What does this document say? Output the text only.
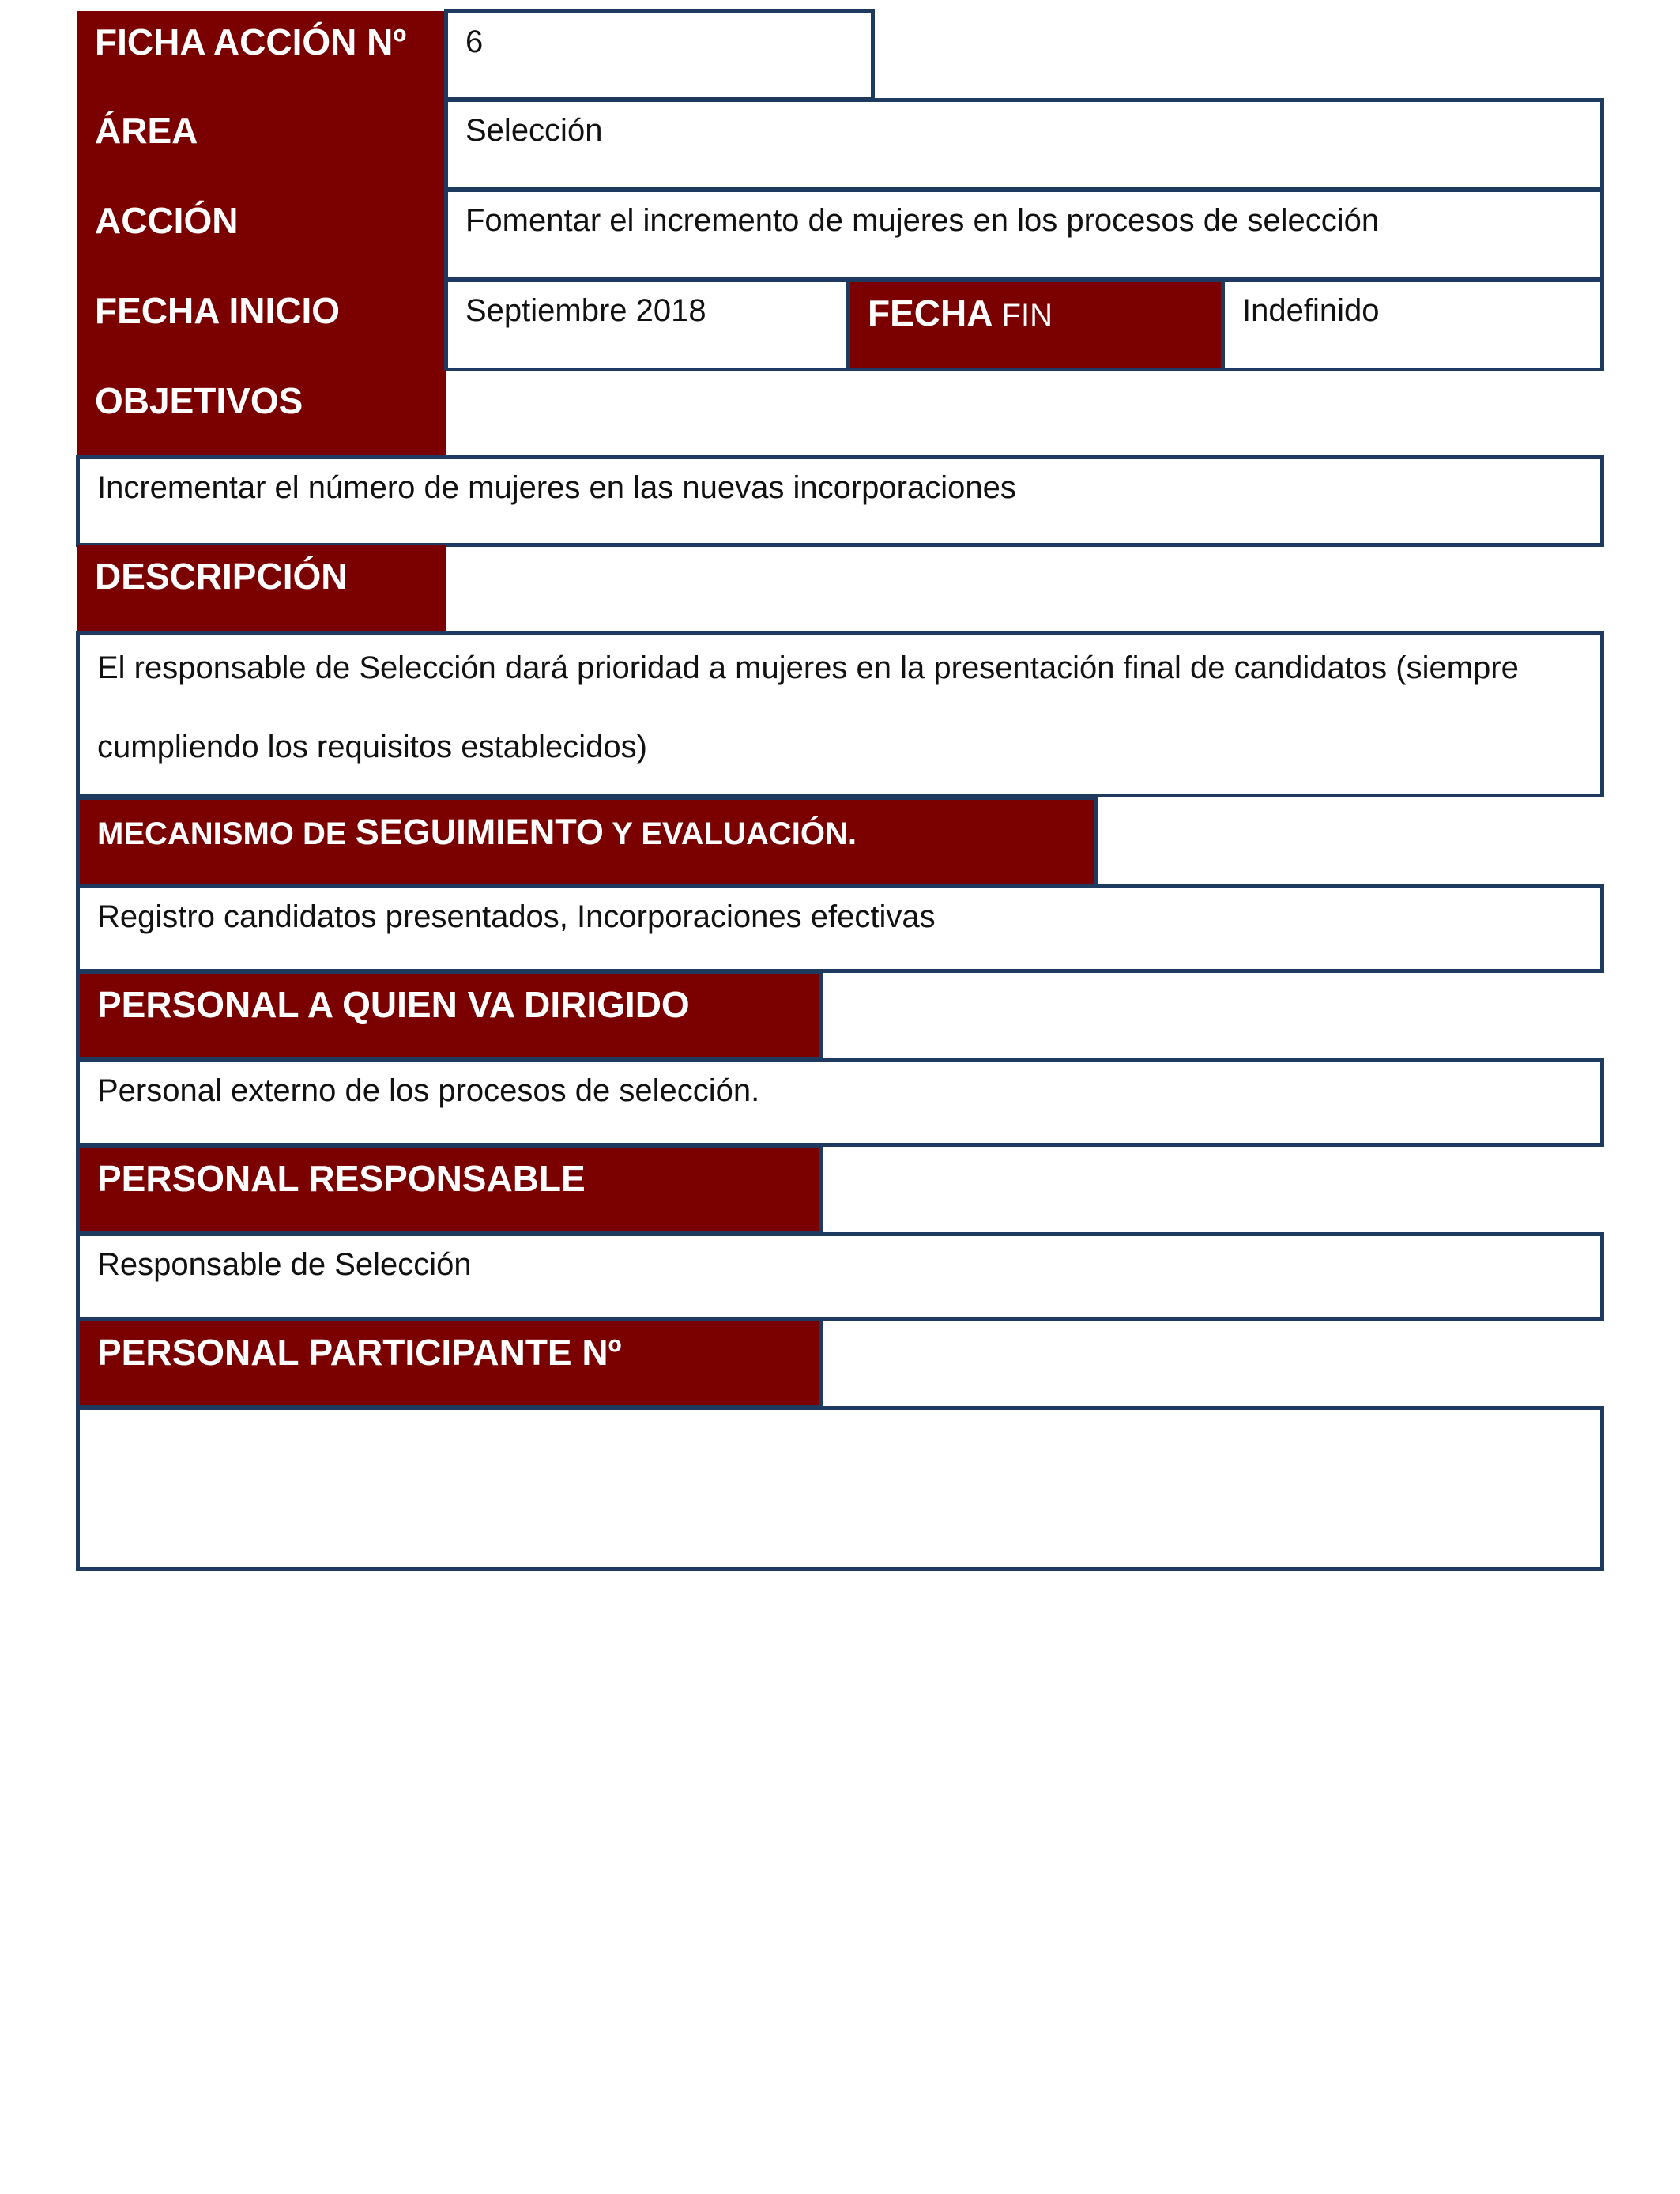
FICHA ACCIÓN Nº 6
ÁREA	Selección
ACCIÓN	Fomentar el incremento de mujeres en los procesos de selección
FECHA INICIO	Septiembre 2018	FECHA FIN	Indefinido
OBJETIVOS
Incrementar el número de mujeres en las nuevas incorporaciones
DESCRIPCIÓN
El responsable de Selección dará prioridad a mujeres en la presentación final de candidatos (siempre cumpliendo los requisitos establecidos)
MECANISMO DE SEGUIMIENTO Y EVALUACIÓN.
Registro candidatos presentados, Incorporaciones efectivas
PERSONAL A QUIEN VA DIRIGIDO
Personal externo de los procesos de selección.
PERSONAL RESPONSABLE
Responsable de Selección
PERSONAL PARTICIPANTE Nº
